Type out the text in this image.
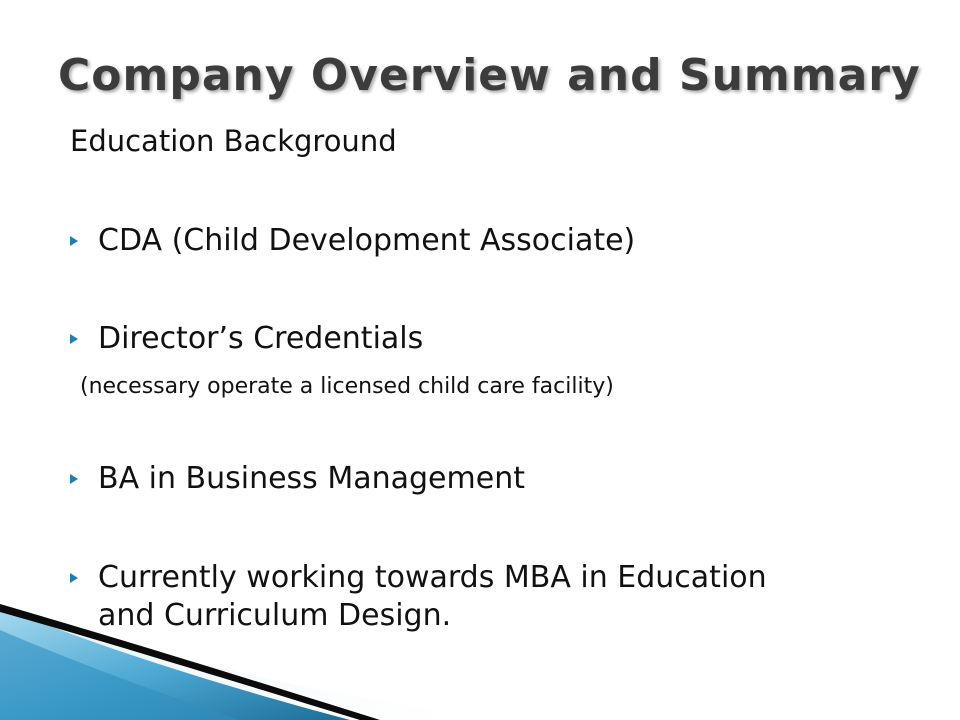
Company Overview and Summary
Education Background
CDA (Child Development Associate)
Director’s Credentials
(necessary operate a licensed child care facility)
BA in Business Management
Currently working towards MBA in Education
and Curriculum Design.
